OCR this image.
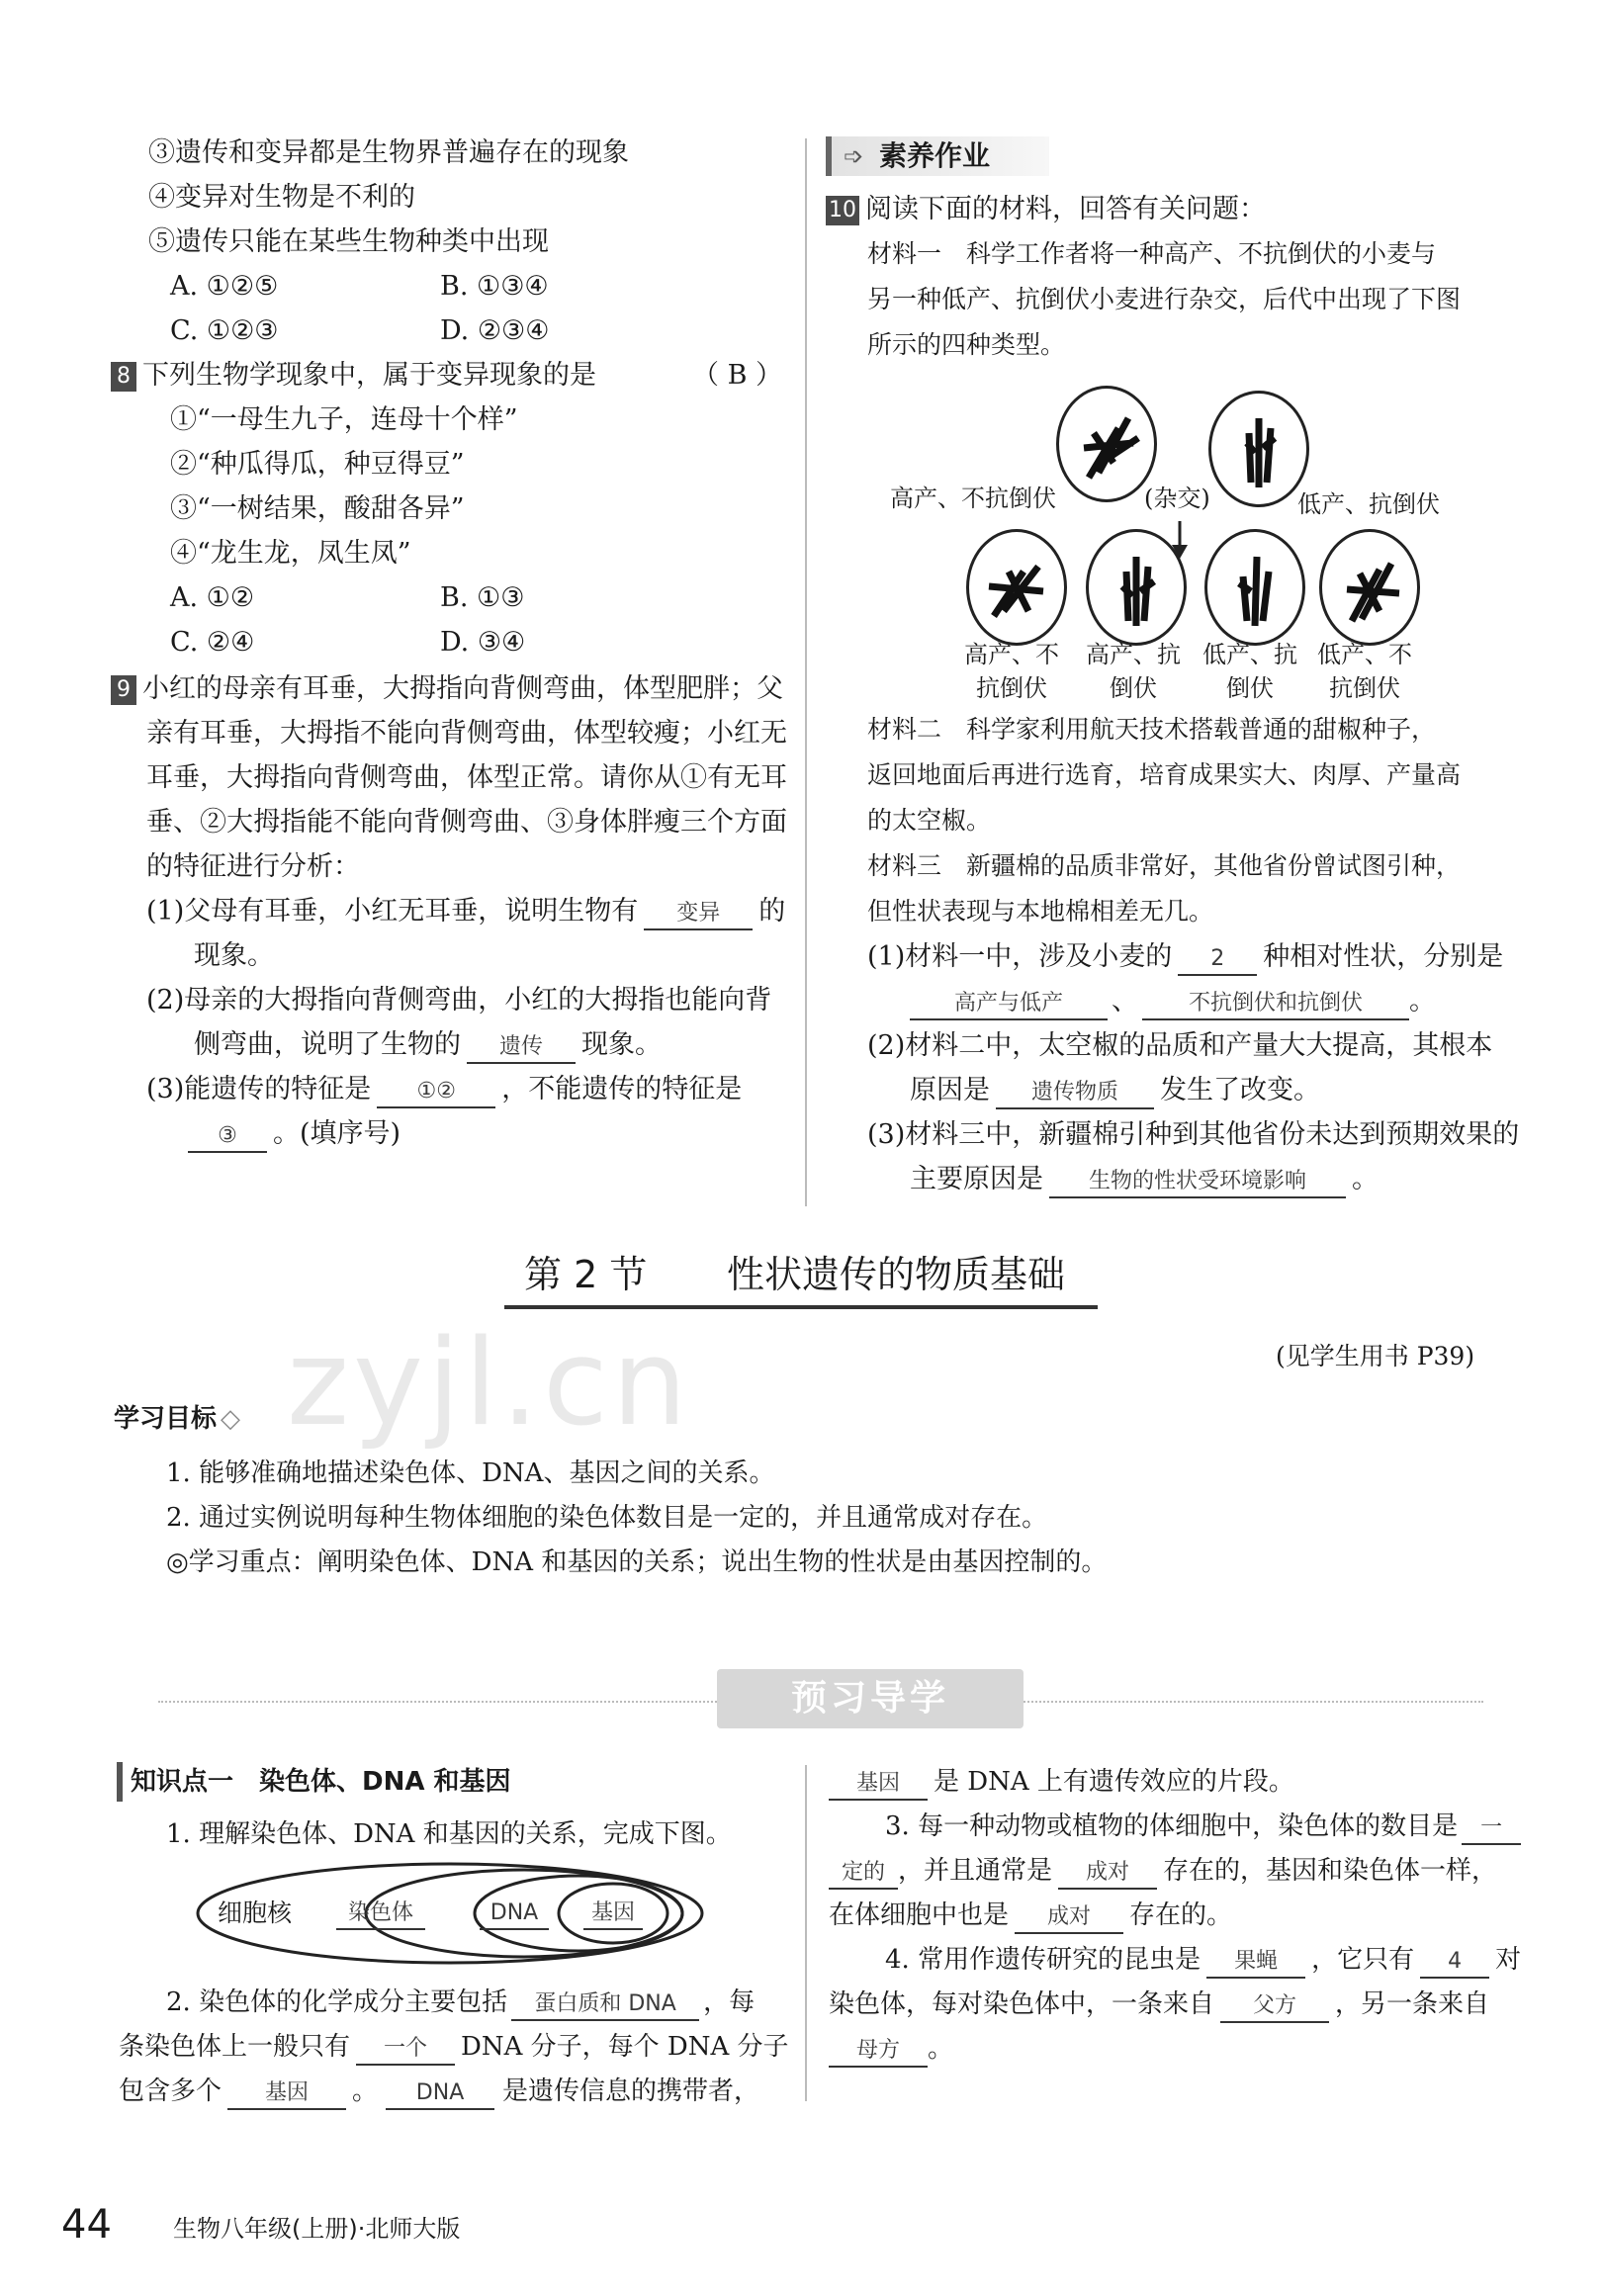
③遗传和变异都是生物界普遍存在的现象
④变异对生物是不利的
⑤遗传只能在某些生物种类中出现
A. ①②⑤	B. ①③④
C. ①②③	D. ②③④
8 下列生物学现象中，属于变异现象的是	（ B ）
①“一母生九子，连母十个样”
②“种瓜得瓜，种豆得豆”
③“一树结果，酸甜各异”
④“龙生龙，凤生凤”
A. ①②	B. ①③
C. ②④	D. ③④
9 小红的母亲有耳垂，大拇指向背侧弯曲，体型肥胖；父
亲有耳垂，大拇指不能向背侧弯曲，体型较瘦；小红无
耳垂，大拇指向背侧弯曲，体型正常。请你从①有无耳
垂、②大拇指能不能向背侧弯曲、③身体胖瘦三个方面
的特征进行分析：
(1)父母有耳垂，小红无耳垂，说明生物有 变异 的
现象。
(2)母亲的大拇指向背侧弯曲，小红的大拇指也能向背
侧弯曲，说明了生物的 遗传 现象。
(3)能遗传的特征是 ①② ，不能遗传的特征是
③ 。(填序号)
➩ 素养作业
10 阅读下面的材料，回答有关问题：
材料一　科学工作者将一种高产、不抗倒伏的小麦与
另一种低产、抗倒伏小麦进行杂交，后代中出现了下图
所示的四种类型。
高产、不抗倒伏	(杂交)	低产、抗倒伏
高产、不
抗倒伏
高产、抗
倒伏
低产、抗
倒伏
低产、不
抗倒伏
材料二　科学家利用航天技术搭载普通的甜椒种子，
返回地面后再进行选育，培育成果实大、肉厚、产量高
的太空椒。
材料三　新疆棉的品质非常好，其他省份曾试图引种，
但性状表现与本地棉相差无几。
(1)材料一中，涉及小麦的 2 种相对性状，分别是
高产与低产 、 不抗倒伏和抗倒伏 。
(2)材料二中，太空椒的品质和产量大大提高，其根本
原因是 遗传物质 发生了改变。
(3)材料三中，新疆棉引种到其他省份未达到预期效果的
主要原因是 生物的性状受环境影响 。
第 2 节 性状遗传的物质基础
(见学生用书 P39)
zyjl.cn
学习目标 ◇
1. 能够准确地描述染色体、DNA、基因之间的关系。
2. 通过实例说明每种生物体细胞的染色体数目是一定的，并且通常成对存在。
◎学习重点：阐明染色体、DNA 和基因的关系；说出生物的性状是由基因控制的。
预习导学
知识点一　染色体、DNA 和基因
1. 理解染色体、DNA 和基因的关系，完成下图。
细胞核	染色体	DNA	基因
2. 染色体的化学成分主要包括 蛋白质和 DNA ，每
条染色体上一般只有 一个 DNA 分子，每个 DNA 分子
包含多个 基因 。 DNA 是遗传信息的携带者，
基因 是 DNA 上有遗传效应的片段。
3. 每一种动物或植物的体细胞中，染色体的数目是 一
定的 ，并且通常是 成对 存在的，基因和染色体一样，
在体细胞中也是 成对 存在的。
4. 常用作遗传研究的昆虫是 果蝇 ，它只有 4 对
染色体，每对染色体中，一条来自 父方 ，另一条来自
母方 。
44	生物八年级(上册)·北师大版
